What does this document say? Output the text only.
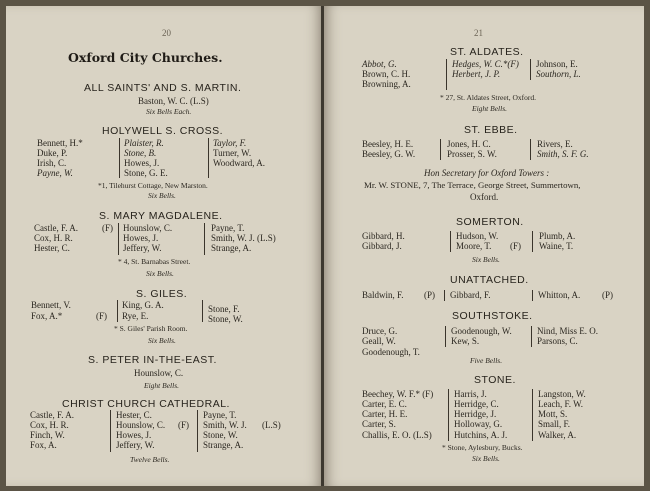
20
Oxford City Churches.
ALL SAINTS' AND S. MARTIN.
Baston, W. C. (L.S)
Six Bells Each.
HOLYWELL S. CROSS.
Bennett, H.*
Duke, P.
Irish, C.
Payne, W.
Plaister, R.
Stone, B.
Howes, J.
Stone, G. E.
Taylor, F.
Turner, W.
Woodward, A.
*1, Tilehurst Cottage, New Marston.
Six Bells.
S. MARY MAGDALENE.
Castle, F. A.
Cox, H. R.
Hester, C.
(F) Hounslow, C.
Howes, J.
Jeffery, W.
Payne, T.
Smith, W. J. (L.S)
Strange, A.
* 4, St. Barnabas Street.
Six Bells.
S. GILES.
Bennett, V.
Fox, A.*	(F)
King, G. A.
Rye, E.
Stone, F.
Stone, W.
* S. Giles' Parish Room.
Six Bells.
S. PETER IN-THE-EAST.
Hounslow, C.
Eight Bells.
CHRIST CHURCH CATHEDRAL.
Castle, F. A.
Cox, H. R.
Finch, W.
Fox, A.
Hester, C.
Hounslow, C.
Howes, J.
Jeffery, W.
(F)
Payne, T.
Smith, W. J.
Stone, W.
Strange, A.
(L.S)
Twelve Bells.
21
ST. ALDATES.
Abbot, G.
Brown, C. H.
Browning, A.
Hedges, W. C.*(F)
Herbert, J. P.
Johnson, E.
Southorn, L.
* 27, St. Aldates Street, Oxford.
Eight Bells.
ST. EBBE.
Beesley, H. E.
Beesley, G. W.
Jones, H. C.
Prosser, S. W.
Rivers, E.
Smith, S. F. G.
Hon Secretary for Oxford Towers :
Mr. W. STONE, 7, The Terrace, George Street, Summertown,
Oxford.
SOMERTON.
Gibbard, H.
Gibbard, J.
Hudson, W.
Moore, T. (F)
Plumb, A.
Waine, T.
Six Bells.
UNATTACHED.
Baldwin, F. (P) Gibbard, F.	Whitton, A. (P)
SOUTHSTOKE.
Druce, G.
Geall, W.
Goodenough, T.
Goodenough, W.
Kew, S.
Nind, Miss E. O.
Parsons, C.
Five Bells.
STONE.
Beechey, W. F.* (F)
Carter, E. C.
Carter, H. E.
Carter, S.
Challis, E. O. (L.S)
Harris, J.
Herridge, C.
Herridge, J.
Holloway, G.
Hutchins, A. J.
Langston, W.
Leach, F. W.
Mott, S.
Small, F.
Walker, A.
* Stone, Aylesbury, Bucks.
Six Bells.
